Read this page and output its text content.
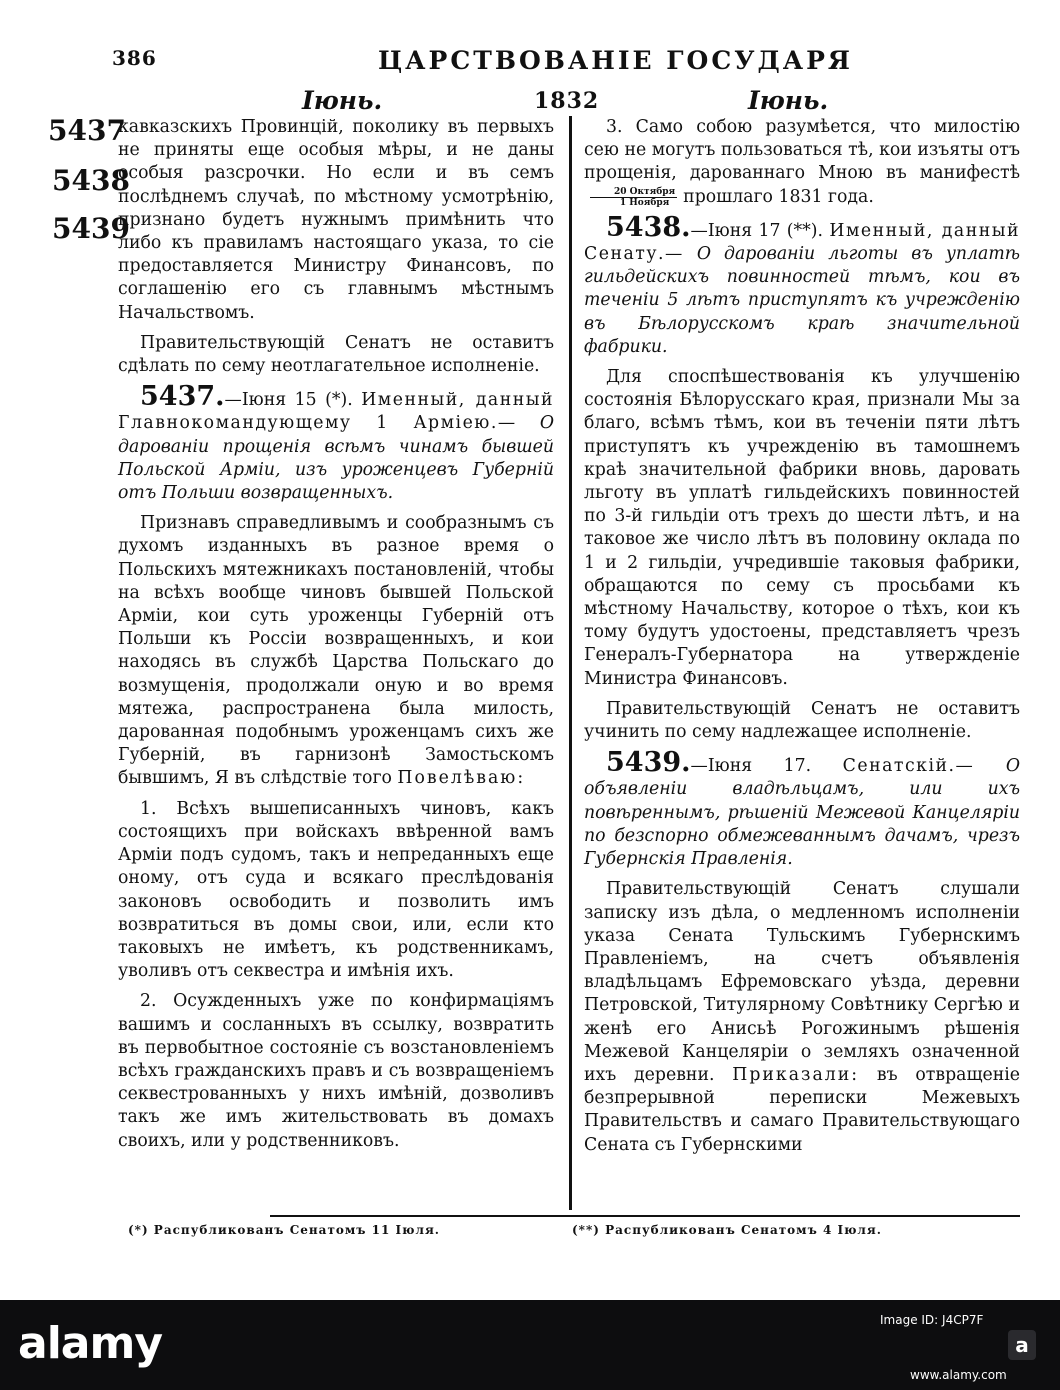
386	ЦАРСТВОВАНІЕ ГОСУДАРЯ
Іюнь.	1832	Іюнь.
5437
5438
5439

кавказскихъ Провинцій, поколику въ первыхъ не приняты еще особыя мѣры, и не даны особыя разсрочки. Но если и въ семъ послѣднемъ случаѣ, по мѣстному усмотрѣнію, признано будетъ нужнымъ примѣнить что либо къ правиламъ настоящаго указа, то сіе предоставляется Министру Финансовъ, по соглашенію его съ главнымъ мѣстнымъ Начальствомъ.

Правительствующій Сенатъ не оставитъ сдѣлать по сему неотлагательное исполненіе.

5437.—Іюня 15 (*). Именный, данный Главнокомандующему 1 Арміею.— О дарованіи прощенія всѣмъ чинамъ бывшей Польской Арміи, изъ уроженцевъ Губерній отъ Польши возвращенныхъ.

Признавъ справедливымъ и сообразнымъ съ духомъ изданныхъ въ разное время о Польскихъ мятежникахъ постановленій, чтобы на всѣхъ вообще чиновъ бывшей Польской Арміи, кои суть уроженцы Губерній отъ Польши къ Россіи возвращенныхъ, и кои находясь въ службѣ Царства Польскаго до возмущенія, продолжали оную и во время мятежа, распространена была милость, дарованная подобнымъ уроженцамъ сихъ же Губерній, въ гарнизонѣ Замостьскомъ бывшимъ, Я въ слѣдствіе того Повелѣваю:

1. Всѣхъ вышеписанныхъ чиновъ, какъ состоящихъ при войскахъ ввѣренной вамъ Арміи подъ судомъ, такъ и непреданныхъ еще оному, отъ суда и всякаго преслѣдованія законовъ освободить и позволить имъ возвратиться въ домы свои, или, если кто таковыхъ не имѣетъ, къ родственникамъ, уволивъ отъ секвестра и имѣнія ихъ.

2. Осужденныхъ уже по конфирмаціямъ вашимъ и сосланныхъ въ ссылку, возвратить въ первобытное состояніе съ возстановленіемъ всѣхъ гражданскихъ правъ и съ возвращеніемъ секвестрованныхъ у нихъ имѣній, дозволивъ такъ же имъ жительствовать въ домахъ своихъ, или у родственниковъ.

3. Само собою разумѣется, что милостію сею не могутъ пользоваться тѣ, кои изъяты отъ прощенія, дарованнаго Мною въ манифестѣ
$\frac{\text{20 Октября}}{\text{1 Ноября}}$ прошлаго 1831 года.

5438.—Іюня 17 (**). Именный, данный Сенату.— О дарованіи льготы въ уплатѣ гильдейскихъ повинностей тѣмъ, кои въ теченіи 5 лѣтъ приступятъ къ учрежденію въ Бѣлорусскомъ краѣ значительной фабрики.

Для споспѣшествованія къ улучшенію состоянія Бѣлорусскаго края, признали Мы за благо, всѣмъ тѣмъ, кои въ теченіи пяти лѣтъ приступятъ къ учрежденію въ тамошнемъ краѣ значительной фабрики вновь, даровать льготу въ уплатѣ гильдейскихъ повинностей по 3-й гильдіи отъ трехъ до шести лѣтъ, и на таковое же число лѣтъ въ половину оклада по 1 и 2 гильдіи, учредившіе таковыя фабрики, обращаются по сему съ просьбами къ мѣстному Начальству, которое о тѣхъ, кои къ тому будутъ удостоены, представляетъ чрезъ Генералъ-Губернатора на утвержденіе Министра Финансовъ.

Правительствующій Сенатъ не оставитъ учинить по сему надлежащее исполненіе.

5439.—Іюня 17. Сенатскій.— О объявленіи владѣльцамъ, или ихъ повѣреннымъ, рѣшеній Межевой Канцеляріи по безспорно обмежеваннымъ дачамъ, чрезъ Губернскія Правленія.

Правительствующій Сенатъ слушали записку изъ дѣла, о медленномъ исполненіи указа Сената Тульскимъ Губернскимъ Правленіемъ, на счетъ объявленія владѣльцамъ Ефремовскаго уѣзда, деревни Петровской, Титулярному Совѣтнику Сергѣю и женѣ его Анисьѣ Рогожинымъ рѣшенія Межевой Канцеляріи о земляхъ означенной ихъ деревни. Приказали: въ отвращеніе безпрерывной переписки Межевыхъ Правительствъ и самаго Правительствующаго Сената съ Губернскими

(*) Распубликованъ Сенатомъ 11 Іюля.	(**) Распубликованъ Сенатомъ 4 Іюля.
alamy	Image ID: J4CP7F
a
www.alamy.com
